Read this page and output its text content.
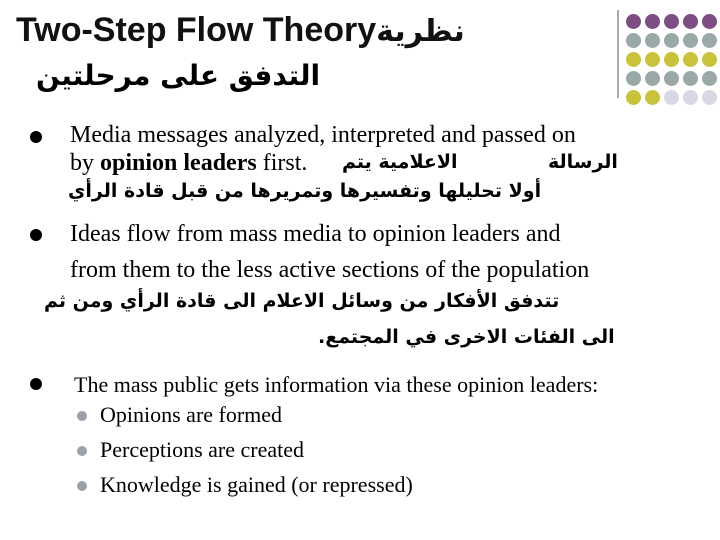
Two-Step Flow Theoryنظرية
التدفق على مرحلتين
Media messages analyzed, interpreted and passed on
by opinion leaders first.	الاعلامية يتم	الرسالة
أولا تحليلها وتفسيرها وتمريرها من قبل قادة الرأي
Ideas flow from mass media to opinion leaders and
from them to the less active sections of the population
تتدفق الأفكار من وسائل الاعلام الى قادة الرأي ومن ثم
الى الفئات الاخرى في المجتمع.
The mass public gets information via these opinion leaders:
Opinions are formed
Perceptions are created
Knowledge is gained (or repressed)
